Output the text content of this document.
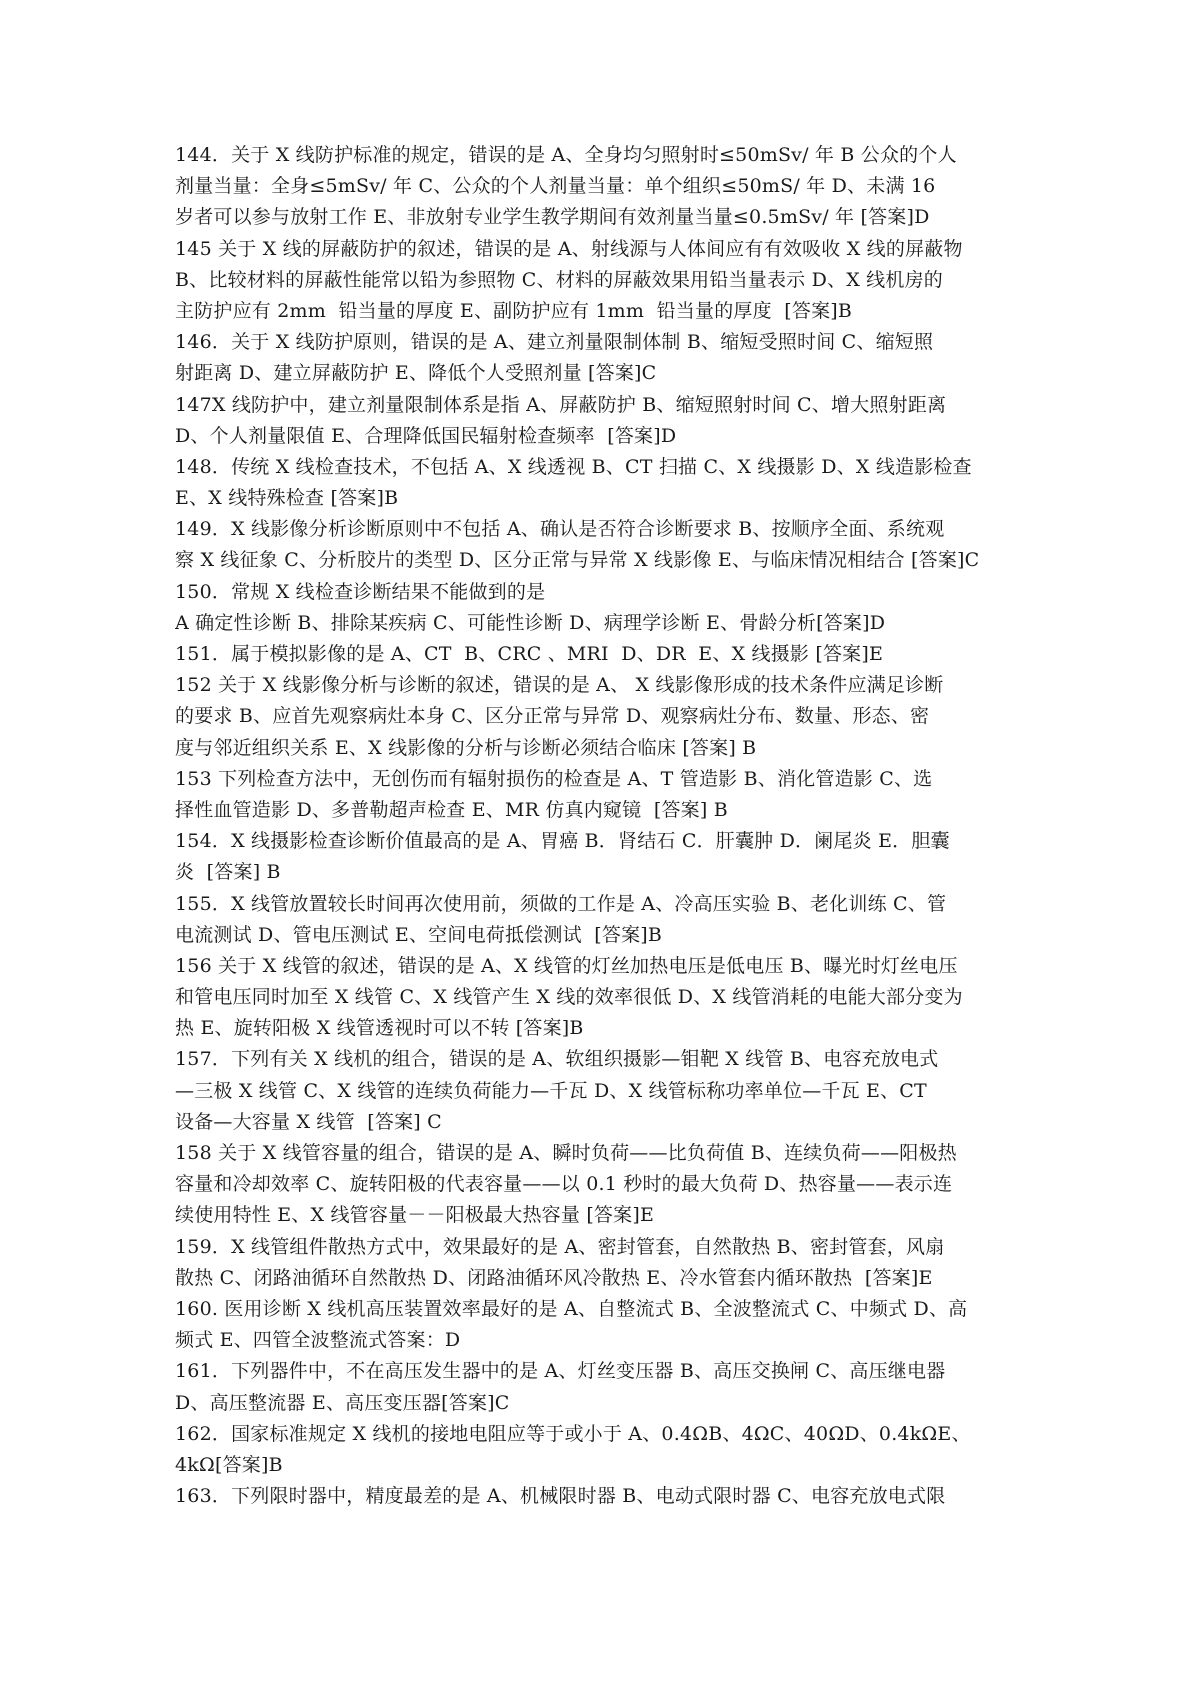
144．关于 X 线防护标准的规定，错误的是 A、全身均匀照射时≤50mSv/ 年 B 公众的个人
剂量当量：全身≤5mSv/ 年 C、公众的个人剂量当量：单个组织≤50mS/ 年 D、未满 16
岁者可以参与放射工作 E、非放射专业学生教学期间有效剂量当量≤0.5mSv/ 年 [答案]D
145 关于 X 线的屏蔽防护的叙述，错误的是 A、射线源与人体间应有有效吸收 X 线的屏蔽物
B、比较材料的屏蔽性能常以铅为参照物 C、材料的屏蔽效果用铅当量表示 D、X 线机房的
主防护应有 2mm  铅当量的厚度 E、副防护应有 1mm  铅当量的厚度  [答案]B
146．关于 X 线防护原则，错误的是 A、建立剂量限制体制 B、缩短受照时间 C、缩短照
射距离 D、建立屏蔽防护 E、降低个人受照剂量 [答案]C
147X 线防护中，建立剂量限制体系是指 A、屏蔽防护 B、缩短照射时间 C、增大照射距离
D、个人剂量限值 E、合理降低国民辐射检查频率  [答案]D
148．传统 X 线检查技术，不包括 A、X 线透视 B、CT 扫描 C、X 线摄影 D、X 线造影检查
E、X 线特殊检查 [答案]B
149．X 线影像分析诊断原则中不包括 A、确认是否符合诊断要求 B、按顺序全面、系统观
察 X 线征象 C、分析胶片的类型 D、区分正常与异常 X 线影像 E、与临床情况相结合 [答案]C
150．常规 X 线检查诊断结果不能做到的是
A 确定性诊断 B、排除某疾病 C、可能性诊断 D、病理学诊断 E、骨龄分析[答案]D
151．属于模拟影像的是 A、CT  B、CRC 、MRI  D、DR  E、X 线摄影 [答案]E
152 关于 X 线影像分析与诊断的叙述，错误的是 A、 X 线影像形成的技术条件应满足诊断
的要求 B、应首先观察病灶本身 C、区分正常与异常 D、观察病灶分布、数量、形态、密
度与邻近组织关系 E、X 线影像的分析与诊断必须结合临床 [答案] B
153 下列检查方法中，无创伤而有辐射损伤的检查是 A、T 管造影 B、消化管造影 C、选
择性血管造影 D、多普勒超声检查 E、MR 仿真内窥镜  [答案] B
154．X 线摄影检查诊断价值最高的是 A、胃癌 B．肾结石 C．肝囊肿 D．阑尾炎 E．胆囊
炎  [答案] B
155．X 线管放置较长时间再次使用前，须做的工作是 A、冷高压实验 B、老化训练 C、管
电流测试 D、管电压测试 E、空间电荷抵偿测试  [答案]B
156 关于 X 线管的叙述，错误的是 A、X 线管的灯丝加热电压是低电压 B、曝光时灯丝电压
和管电压同时加至 X 线管 C、X 线管产生 X 线的效率很低 D、X 线管消耗的电能大部分变为
热 E、旋转阳极 X 线管透视时可以不转 [答案]B
157．下列有关 X 线机的组合，错误的是 A、软组织摄影—钼靶 X 线管 B、电容充放电式
—三极 X 线管 C、X 线管的连续负荷能力—千瓦 D、X 线管标称功率单位—千瓦 E、CT
设备—大容量 X 线管  [答案] C
158 关于 X 线管容量的组合，错误的是 A、瞬时负荷——比负荷值 B、连续负荷——阳极热
容量和冷却效率 C、旋转阳极的代表容量——以 0.1 秒时的最大负荷 D、热容量——表示连
续使用特性 E、X 线管容量－－阳极最大热容量 [答案]E
159．X 线管组件散热方式中，效果最好的是 A、密封管套，自然散热 B、密封管套，风扇
散热 C、闭路油循环自然散热 D、闭路油循环风冷散热 E、冷水管套内循环散热  [答案]E
160. 医用诊断 X 线机高压装置效率最好的是 A、自整流式 B、全波整流式 C、中频式 D、高
频式 E、四管全波整流式答案：D
161．下列器件中，不在高压发生器中的是 A、灯丝变压器 B、高压交换闸 C、高压继电器
D、高压整流器 E、高压变压器[答案]C
162．国家标准规定 X 线机的接地电阻应等于或小于 A、0.4ΩB、4ΩC、40ΩD、0.4kΩE、
4kΩ[答案]B
163．下列限时器中，精度最差的是 A、机械限时器 B、电动式限时器 C、电容充放电式限
